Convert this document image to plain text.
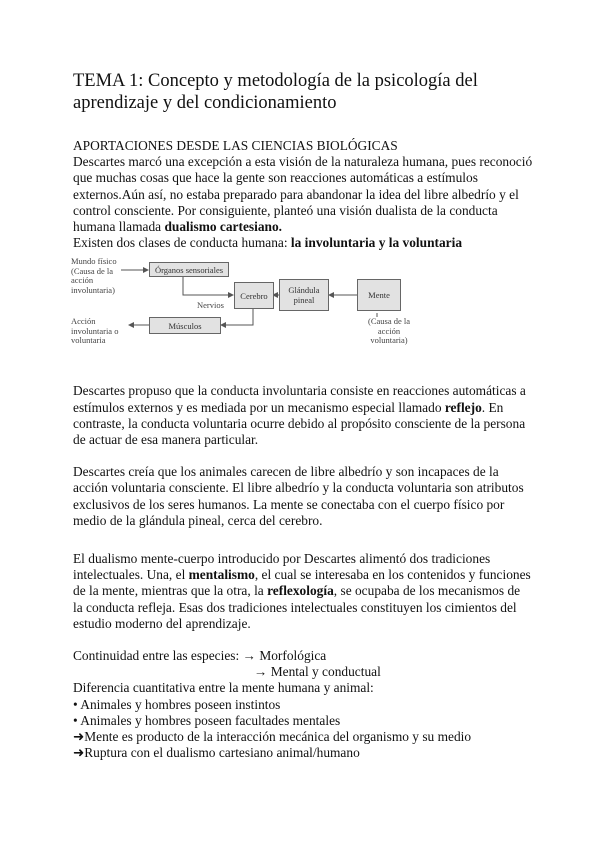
TEMA 1: Concepto y metodología de la psicología del aprendizaje y del condicionamiento

APORTACIONES DESDE LAS CIENCIAS BIOLÓGICAS

Descartes marcó una excepción a esta visión de la naturaleza humana, pues reconoció que muchas cosas que hace la gente son reacciones automáticas a estímulos externos.Aún así, no estaba preparado para abandonar la idea del libre albedrío y el control consciente. Por consiguiente, planteó una visión dualista de la conducta humana llamada dualismo cartesiano.

Existen dos clases de conducta humana: la involuntaria y la voluntaria

Mundo físico
(Causa de la acción involuntaria)
Órganos sensoriales
Nervios
Cerebro
Glándula pineal	Mente
(Causa de la acción voluntaria)
Acción involuntaria o voluntaria
Músculos

Descartes propuso que la conducta involuntaria consiste en reacciones automáticas a estímulos externos y es mediada por un mecanismo especial llamado reflejo. En contraste, la conducta voluntaria ocurre debido al propósito consciente de la persona de actuar de esa manera particular.

Descartes creía que los animales carecen de libre albedrío y son incapaces de la acción voluntaria consciente. El libre albedrío y la conducta voluntaria son atributos exclusivos de los seres humanos. La mente se conectaba con el cuerpo físico por medio de la glándula pineal, cerca del cerebro.

El dualismo mente-cuerpo introducido por Descartes alimentó dos tradiciones intelectuales. Una, el mentalismo, el cual se interesaba en los contenidos y funciones de la mente, mientras que la otra, la reflexología, se ocupaba de los mecanismos de la conducta refleja. Esas dos tradiciones intelectuales constituyen los cimientos del estudio moderno del aprendizaje.

Continuidad entre las especies: → Morfológica
→ Mental y conductual

Diferencia cuantitativa entre la mente humana y animal:

• Animales y hombres poseen instintos
• Animales y hombres poseen facultades mentales
➜Mente es producto de la interacción mecánica del organismo y su medio
➜Ruptura con el dualismo cartesiano animal/humano
